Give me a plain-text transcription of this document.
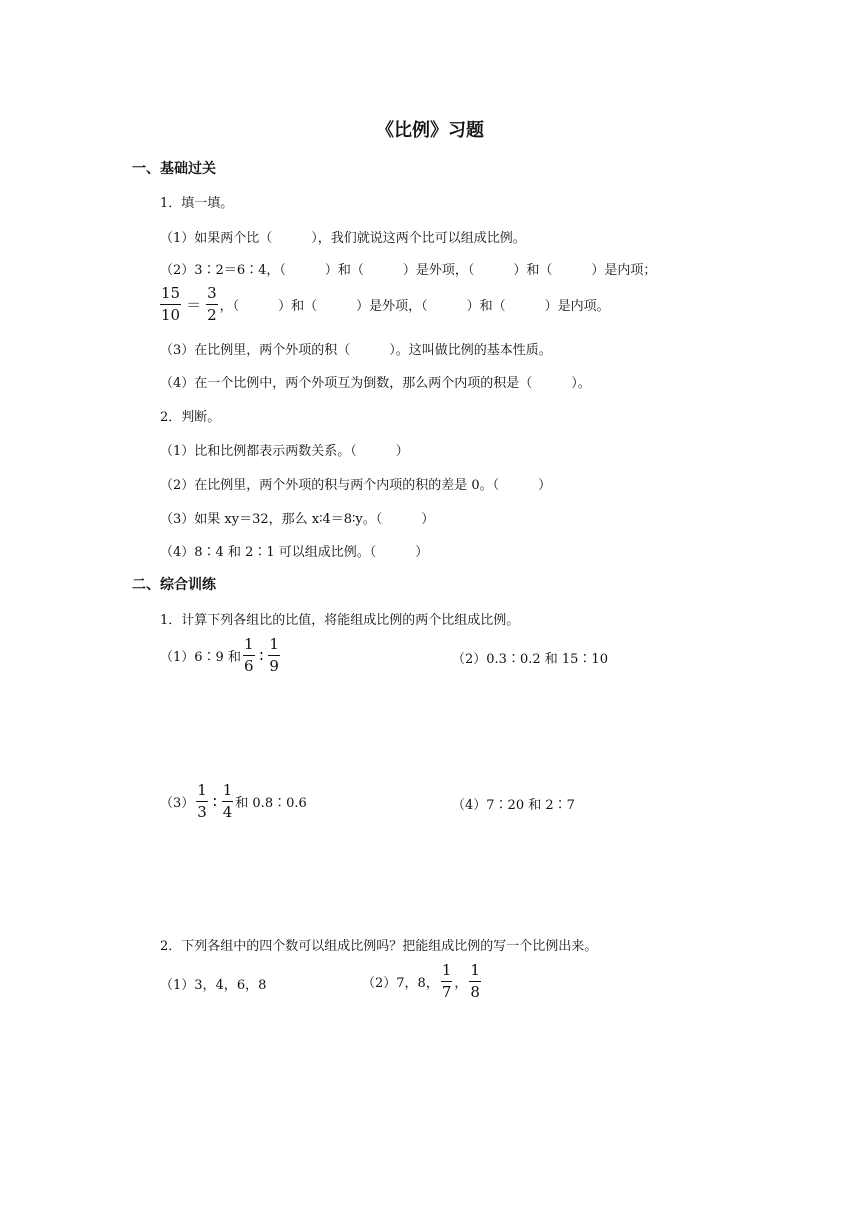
《比例》习题
一、基础过关
1．填一填。
（1）如果两个比（　　　），我们就说这两个比可以组成比例。
（2）3∶2＝6∶4，（　　　）和（　　　）是外项，（　　　）和（　　　）是内项；
$\frac{15}{10} = \frac{3}{2}$ ，（　　　）和（　　　）是外项，（　　　）和（　　　）是内项。
（3）在比例里，两个外项的积（　　　）。这叫做比例的基本性质。
（4）在一个比例中，两个外项互为倒数，那么两个内项的积是（　　　）。
2．判断。
（1）比和比例都表示两数关系。（　　　）
（2）在比例里，两个外项的积与两个内项的积的差是 0。（　　　）
（3）如果 xy＝32，那么 x∶4＝8∶y。（　　　）
（4）8∶4 和 2∶1 可以组成比例。（　　　）
二、综合训练
1．计算下列各组比的比值，将能组成比例的两个比组成比例。
（1）6∶9 和 $\frac{1}{6}$ ∶ $\frac{1}{9}$	（2）0.3∶0.2 和 15∶10
$(3) \frac{1}{3}$ ∶ $\frac{1}{4}$ 和 0.8∶0.6	（4）7∶20 和 2∶7
2．下列各组中的四个数可以组成比例吗？把能组成比例的写一个比例出来。
（1）3，4，6，8	（2）7，8， $\frac{1}{7}$ ， $\frac{1}{8}$
